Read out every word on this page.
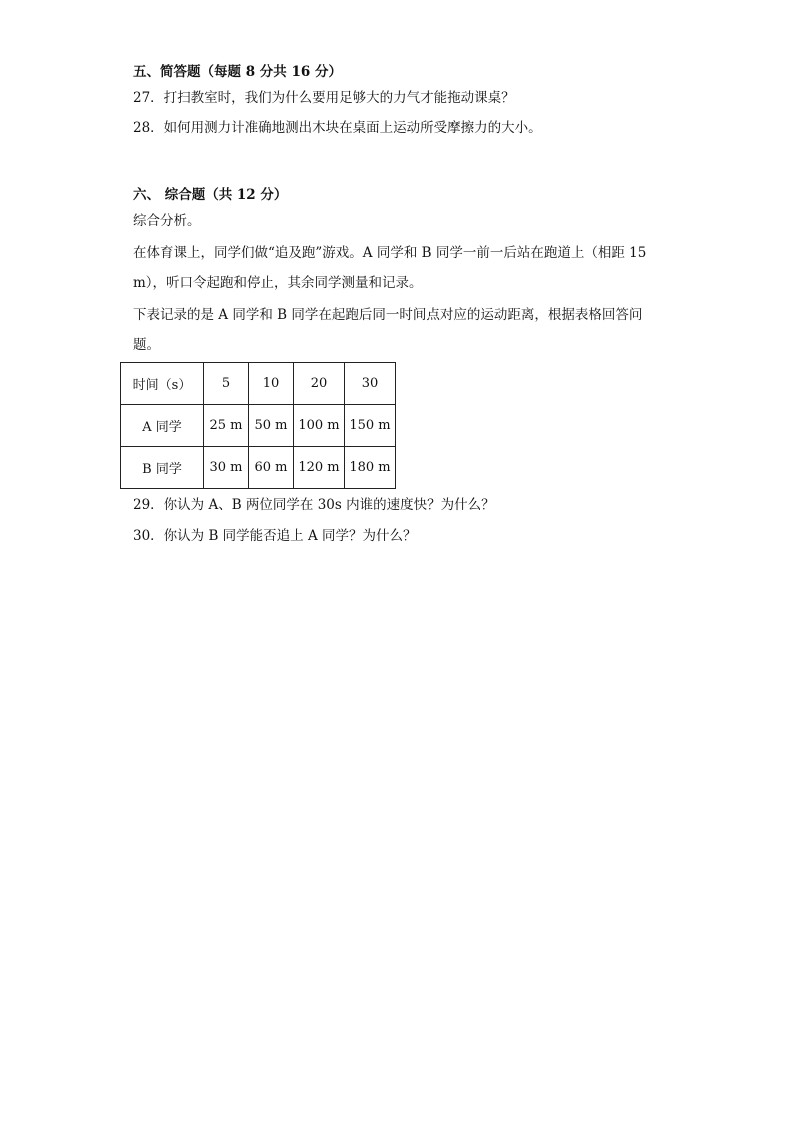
五、简答题（每题 8 分共 16 分）
27．打扫教室时，我们为什么要用足够大的力气才能拖动课桌？
28．如何用测力计准确地测出木块在桌面上运动所受摩擦力的大小。
六、 综合题（共 12 分）
综合分析。
在体育课上，同学们做“追及跑”游戏。A 同学和 B 同学一前一后站在跑道上（相距 15 m），听口令起跑和停止，其余同学测量和记录。
下表记录的是 A 同学和 B 同学在起跑后同一时间点对应的运动距离，根据表格回答问题。
时间（s）	5	10	20	30
A 同学	25 m	50 m	100 m	150 m
B 同学	30 m	60 m	120 m	180 m
29．你认为 A、B 两位同学在 30s 内谁的速度快？为什么？
30．你认为 B 同学能否追上 A 同学？为什么？
